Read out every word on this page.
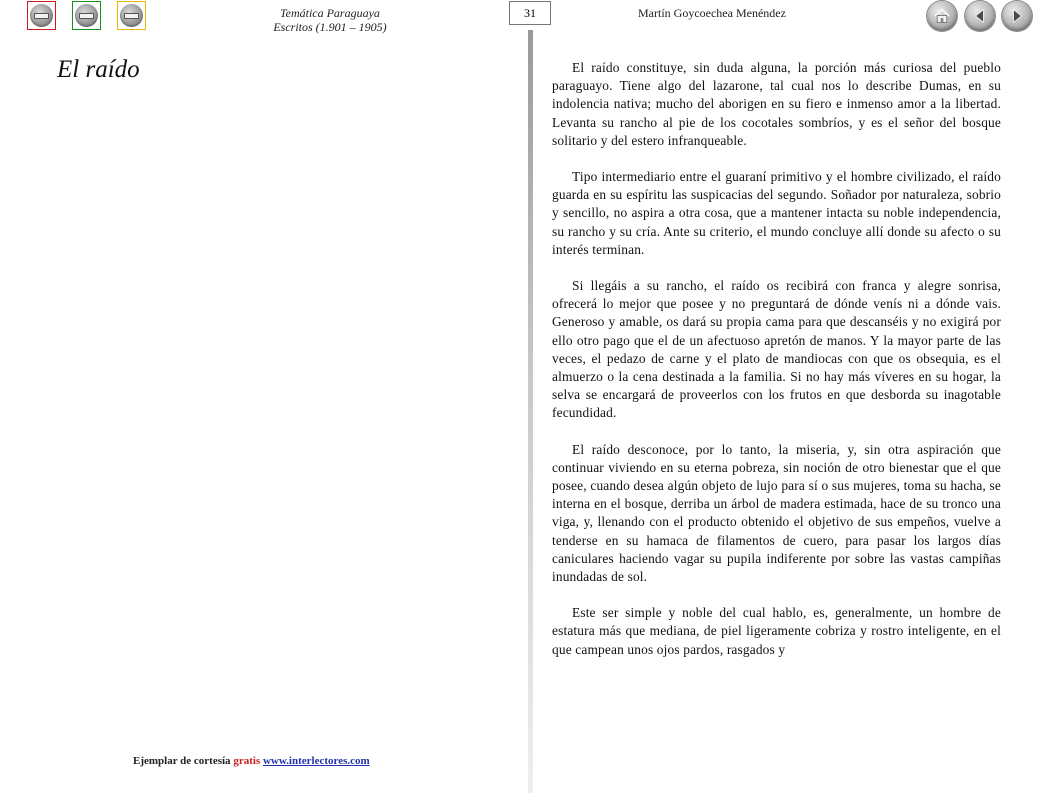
Temática Paraguaya
Escritos (1.901 – 1905)
31	Martín Goycoechea Menéndez
El raído	El raído constituye, sin duda alguna, la porción más curiosa del pueblo paraguayo. Tiene algo del lazarone, tal cual nos lo describe Dumas, en su indolencia nativa; mucho del aborigen en su fiero e inmenso amor a la libertad. Levanta su rancho al pie de los cocotales sombríos, y es el señor del bosque solitario y del estero infranqueable.

Tipo intermediario entre el guaraní primitivo y el hombre civilizado, el raído guarda en su espíritu las suspicacias del segundo. Soñador por naturaleza, sobrio y sencillo, no aspira a otra cosa, que a mantener intacta su noble independencia, su rancho y su cría. Ante su criterio, el mundo concluye allí donde su afecto o su interés terminan.

Si llegáis a su rancho, el raído os recibirá con franca y alegre sonrisa, ofrecerá lo mejor que posee y no preguntará de dónde venís ni a dónde vais. Generoso y amable, os dará su propia cama para que descanséis y no exigirá por ello otro pago que el de un afectuoso apretón de manos. Y la mayor parte de las veces, el pedazo de carne y el plato de mandiocas con que os obsequia, es el almuerzo o la cena destinada a la familia. Si no hay más víveres en su hogar, la selva se encargará de proveerlos con los frutos en que desborda su inagotable fecundidad.

El raído desconoce, por lo tanto, la miseria, y, sin otra aspiración que continuar viviendo en su eterna pobreza, sin noción de otro bienestar que el que posee, cuando desea algún objeto de lujo para sí o sus mujeres, toma su hacha, se interna en el bosque, derriba un árbol de madera estimada, hace de su tronco una viga, y, llenando con el producto obtenido el objetivo de sus empeños, vuelve a tenderse en su hamaca de filamentos de cuero, para pasar los largos días caniculares haciendo vagar su pupila indiferente por sobre las vastas campiñas inundadas de sol.

Este ser simple y noble del cual hablo, es, generalmente, un hombre de estatura más que mediana, de piel ligeramente cobriza y rostro inteligente, en el que campean unos ojos pardos, rasgados y

Ejemplar de cortesía gratis www.interlectores.com
